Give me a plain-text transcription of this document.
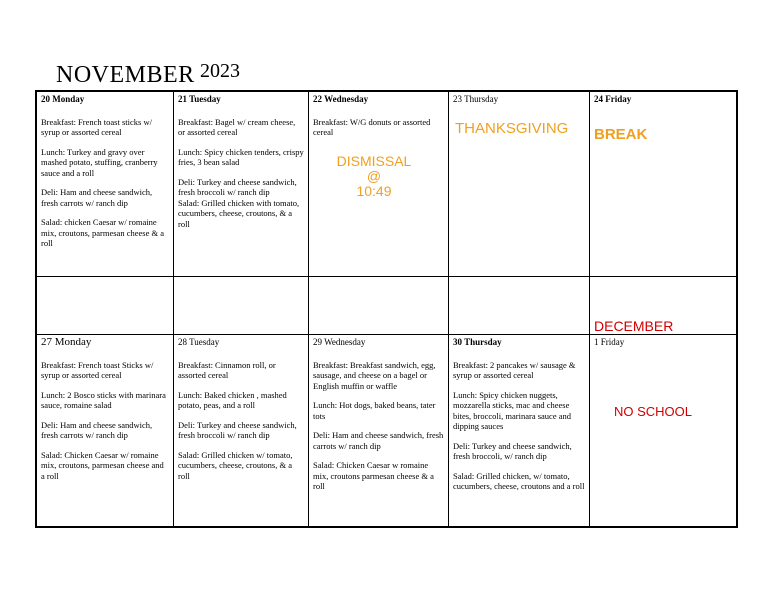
NOVEMBER 2023
20 Monday
Breakfast: French toast sticks w/ syrup or assorted cereal
Lunch: Turkey and gravy over mashed potato, stuffing, cranberry sauce and a roll
Deli: Ham and cheese sandwich, fresh carrots w/ ranch dip
Salad: chicken Caesar w/ romaine mix, croutons, parmesan cheese & a roll
21 Tuesday
Breakfast: Bagel w/ cream cheese, or assorted cereal
Lunch: Spicy chicken tenders, crispy fries, 3 bean salad
Deli: Turkey and cheese sandwich, fresh broccoli w/ ranch dip
Salad: Grilled chicken with tomato, cucumbers, cheese, croutons, & a roll
22 Wednesday
Breakfast: W/G donuts or assorted cereal
DISMISSAL
@
10:49
23 Thursday
THANKSGIVING
24 Friday
BREAK
DECEMBER
27 Monday
Breakfast: French toast Sticks w/ syrup or assorted cereal
Lunch: 2 Bosco sticks with marinara sauce, romaine salad
Deli: Ham and cheese sandwich, fresh carrots w/ ranch dip
Salad: Chicken Caesar w/ romaine mix, croutons, parmesan cheese and a roll
28 Tuesday
Breakfast: Cinnamon roll, or assorted cereal
Lunch: Baked chicken , mashed potato, peas, and a roll
Deli: Turkey and cheese sandwich, fresh broccoli w/ ranch dip
Salad: Grilled chicken w/ tomato, cucumbers, cheese, croutons, & a roll
29 Wednesday
Breakfast: Breakfast sandwich, egg, sausage, and cheese on a bagel or English muffin or waffle
Lunch: Hot dogs, baked beans, tater tots
Deli: Ham and cheese sandwich, fresh carrots w/ ranch dip
Salad: Chicken Caesar w romaine mix, croutons parmesan cheese & a roll
30 Thursday
Breakfast: 2 pancakes w/ sausage & syrup or assorted cereal
Lunch: Spicy chicken nuggets, mozzarella sticks, mac and cheese bites, broccoli, marinara sauce and dipping sauces
Deli: Turkey and cheese sandwich, fresh broccoli, w/ ranch dip
Salad: Grilled chicken, w/ tomato, cucumbers, cheese, croutons and a roll
1 Friday
NO SCHOOL
